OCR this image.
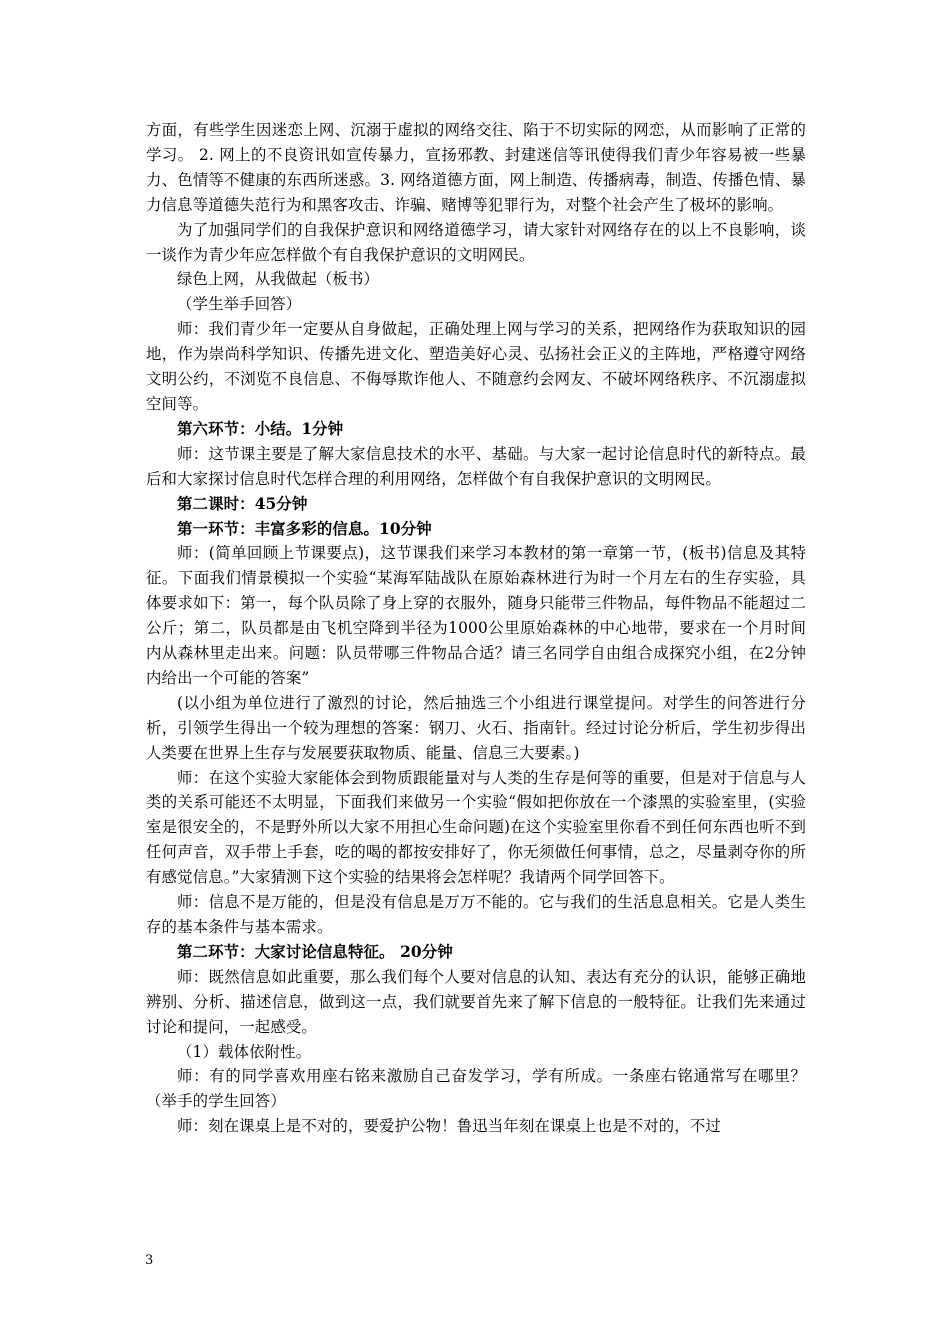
方面，有些学生因迷恋上网、沉溺于虚拟的网络交往、陷于不切实际的网恋，从而影响了正常的学习。 2. 网上的不良资讯如宣传暴力，宣扬邪教、封建迷信等讯使得我们青少年容易被一些暴力、色情等不健康的东西所迷惑。3. 网络道德方面，网上制造、传播病毒，制造、传播色情、暴力信息等道德失范行为和黑客攻击、诈骗、赌博等犯罪行为，对整个社会产生了极坏的影响。

为了加强同学们的自我保护意识和网络道德学习，请大家针对网络存在的以上不良影响，谈一谈作为青少年应怎样做个有自我保护意识的文明网民。

绿色上网，从我做起（板书）

（学生举手回答）

师：我们青少年一定要从自身做起，正确处理上网与学习的关系，把网络作为获取知识的园地，作为崇尚科学知识、传播先进文化、塑造美好心灵、弘扬社会正义的主阵地，严格遵守网络文明公约，不浏览不良信息、不侮辱欺诈他人、不随意约会网友、不破坏网络秩序、不沉溺虚拟空间等。

第六环节：小结。1分钟

师：这节课主要是了解大家信息技术的水平、基础。与大家一起讨论信息时代的新特点。最后和大家探讨信息时代怎样合理的利用网络，怎样做个有自我保护意识的文明网民。

第二课时：45分钟

第一环节：丰富多彩的信息。10分钟

师：(简单回顾上节课要点)，这节课我们来学习本教材的第一章第一节，(板书)信息及其特征。下面我们情景模拟一个实验“某海军陆战队在原始森林进行为时一个月左右的生存实验，具体要求如下：第一，每个队员除了身上穿的衣服外，随身只能带三件物品，每件物品不能超过二公斤；第二，队员都是由飞机空降到半径为1000公里原始森林的中心地带，要求在一个月时间内从森林里走出来。问题：队员带哪三件物品合适？请三名同学自由组合成探究小组，在2分钟内给出一个可能的答案”

(以小组为单位进行了激烈的讨论，然后抽选三个小组进行课堂提问。对学生的问答进行分析，引领学生得出一个较为理想的答案：钢刀、火石、指南针。经过讨论分析后，学生初步得出人类要在世界上生存与发展要获取物质、能量、信息三大要素。)

师：在这个实验大家能体会到物质跟能量对与人类的生存是何等的重要，但是对于信息与人类的关系可能还不太明显，下面我们来做另一个实验“假如把你放在一个漆黑的实验室里，(实验室是很安全的，不是野外所以大家不用担心生命问题)在这个实验室里你看不到任何东西也听不到任何声音，双手带上手套，吃的喝的都按安排好了，你无须做任何事情，总之，尽量剥夺你的所有感觉信息。”大家猜测下这个实验的结果将会怎样呢？我请两个同学回答下。

师：信息不是万能的，但是没有信息是万万不能的。它与我们的生活息息相关。它是人类生存的基本条件与基本需求。

第二环节：大家讨论信息特征。 20分钟

师：既然信息如此重要，那么我们每个人要对信息的认知、表达有充分的认识，能够正确地辨别、分析、描述信息，做到这一点，我们就要首先来了解下信息的一般特征。让我们先来通过讨论和提问，一起感受。

（1）载体依附性。

师：有的同学喜欢用座右铭来激励自己奋发学习，学有所成。一条座右铭通常写在哪里？（举手的学生回答）

师：刻在课桌上是不对的，要爱护公物！鲁迅当年刻在课桌上也是不对的，不过

3
